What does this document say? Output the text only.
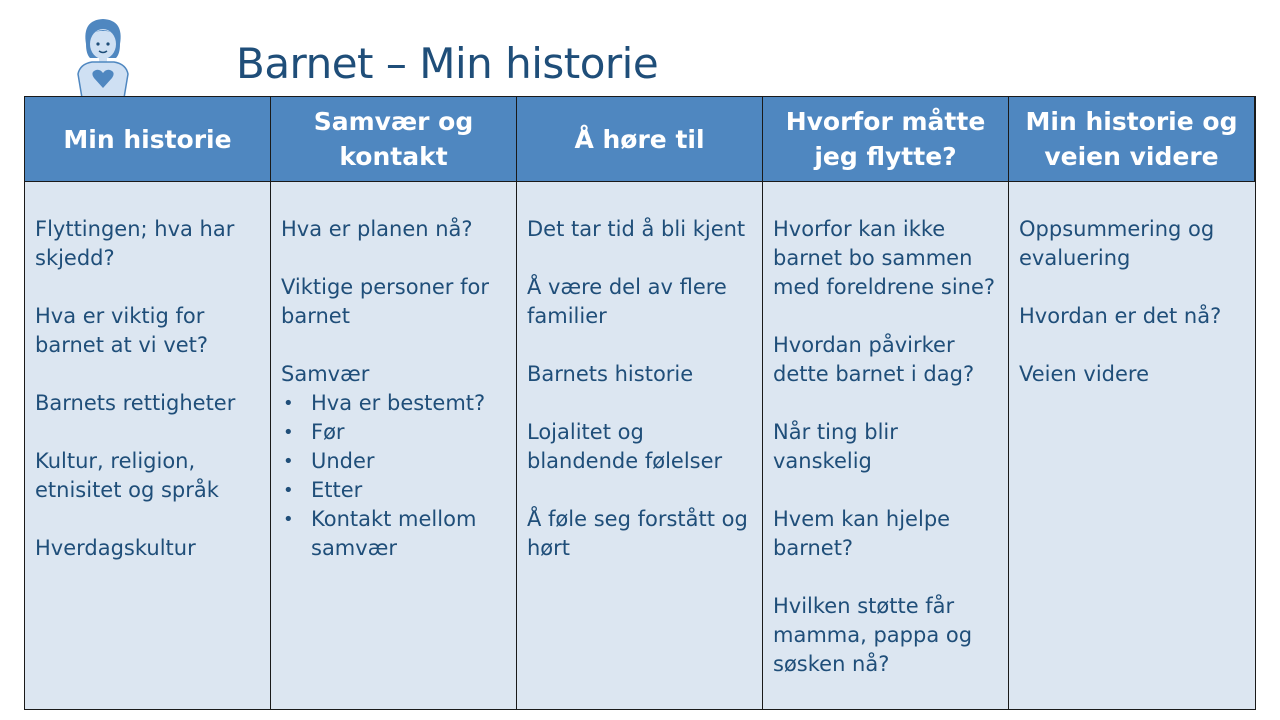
Barnet – Min historie
Min historie
Samvær og kontakt
Å høre til
Hvorfor måtte jeg flytte?
Min historie og veien videre
Flyttingen; hva har skjedd?
Hva er viktig for barnet at vi vet?
Barnets rettigheter
Kultur, religion, etnisitet og språk
Hverdagskultur
Hva er planen nå?
Viktige personer for barnet
Samvær
• Hva er bestemt?
• Før
• Under
• Etter
• Kontakt mellom samvær
Det tar tid å bli kjent
Å være del av flere familier
Barnets historie
Lojalitet og blandende følelser
Å føle seg forstått og hørt
Hvorfor kan ikke barnet bo sammen med foreldrene sine?
Hvordan påvirker dette barnet i dag?
Når ting blir vanskelig
Hvem kan hjelpe barnet?
Hvilken støtte får mamma, pappa og søsken nå?
Oppsummering og evaluering
Hvordan er det nå?
Veien videre
